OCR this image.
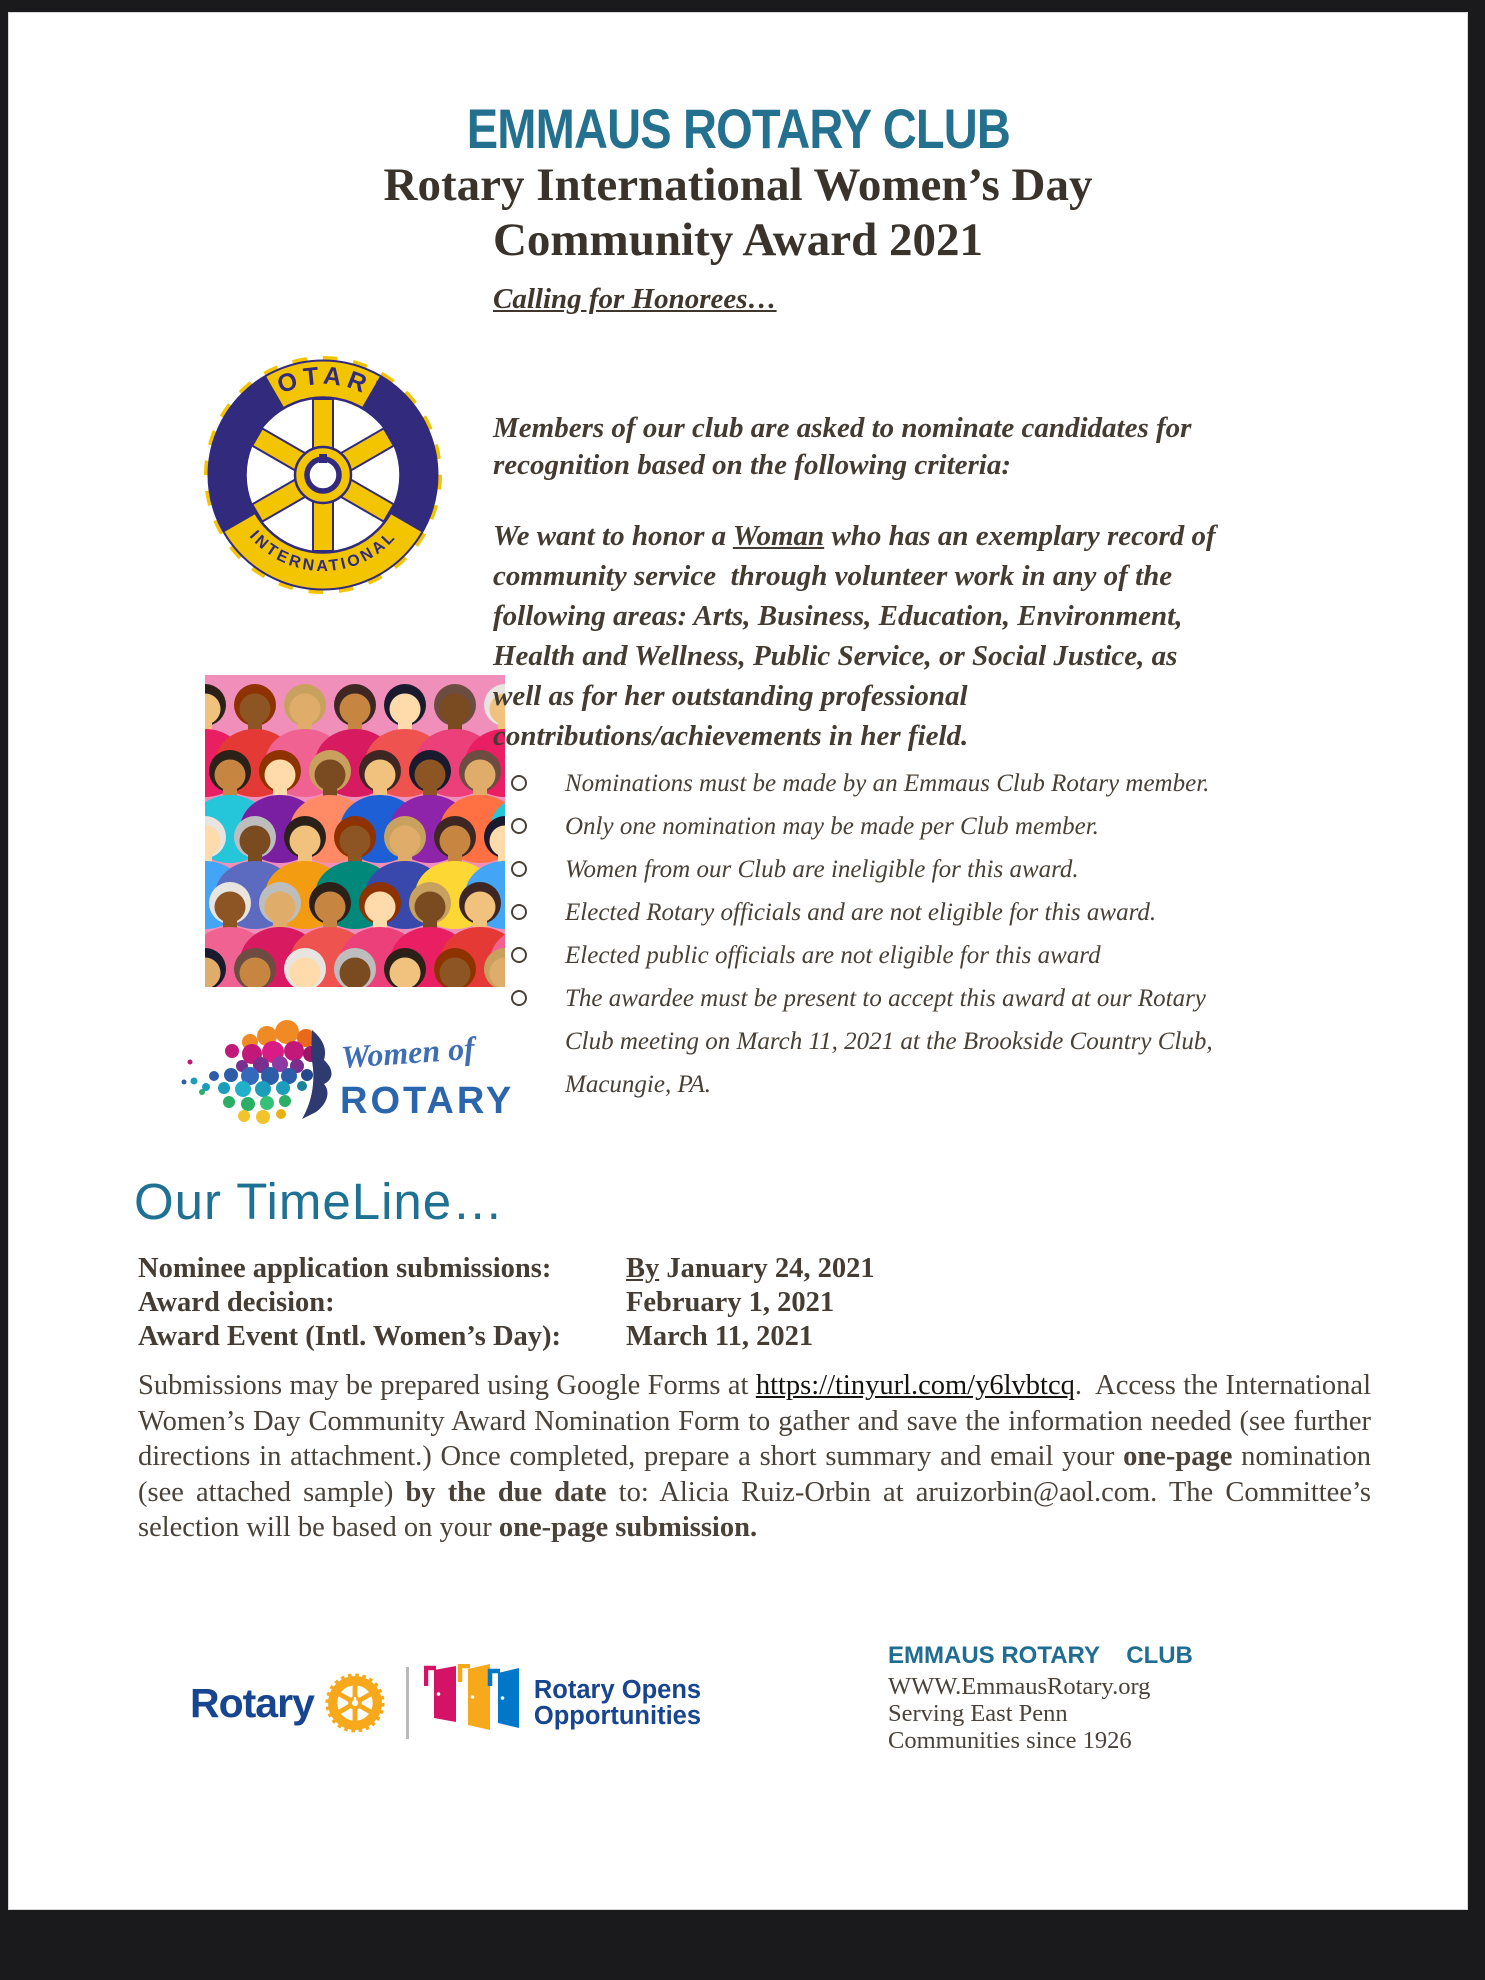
EMMAUS ROTARY CLUB
Rotary International Women’s Day
Community Award 2021
ROTARY
INTERNATIONAL
Women of
ROTARY
Calling for Honorees…
Members of our club are asked to nominate candidates for recognition based on the following criteria:
We want to honor a Woman who has an exemplary record of community service  through volunteer work in any of the following areas: Arts, Business, Education, Environment, Health and Wellness, Public Service, or Social Justice, as well as for her outstanding professional contributions/achievements in her field.
Nominations must be made by an Emmaus Club Rotary member.
Only one nomination may be made per Club member.
Women from our Club are ineligible for this award.
Elected Rotary officials and are not eligible for this award.
Elected public officials are not eligible for this award
The awardee must be present to accept this award at our Rotary Club meeting on March 11, 2021 at the Brookside Country Club, Macungie, PA.
Our TimeLine…
Nominee application submissions:	By January 24, 2021
Award decision:	February 1, 2021
Award Event (Intl. Women’s Day): March 11, 2021
Submissions may be prepared using Google Forms at https://tinyurl.com/y6lvbtcq.  Access the International Women’s Day Community Award Nomination Form to gather and save the information needed (see further directions in attachment.) Once completed, prepare a short summary and email your one-page nomination (see attached sample) by the due date to: Alicia Ruiz-Orbin at aruizorbin@aol.com. The Committee’s selection will be based on your one-page submission.
Rotary	Rotary Opens
Opportunities
EMMAUS ROTARY    CLUB
WWW.EmmausRotary.org
Serving East Penn
Communities since 1926
